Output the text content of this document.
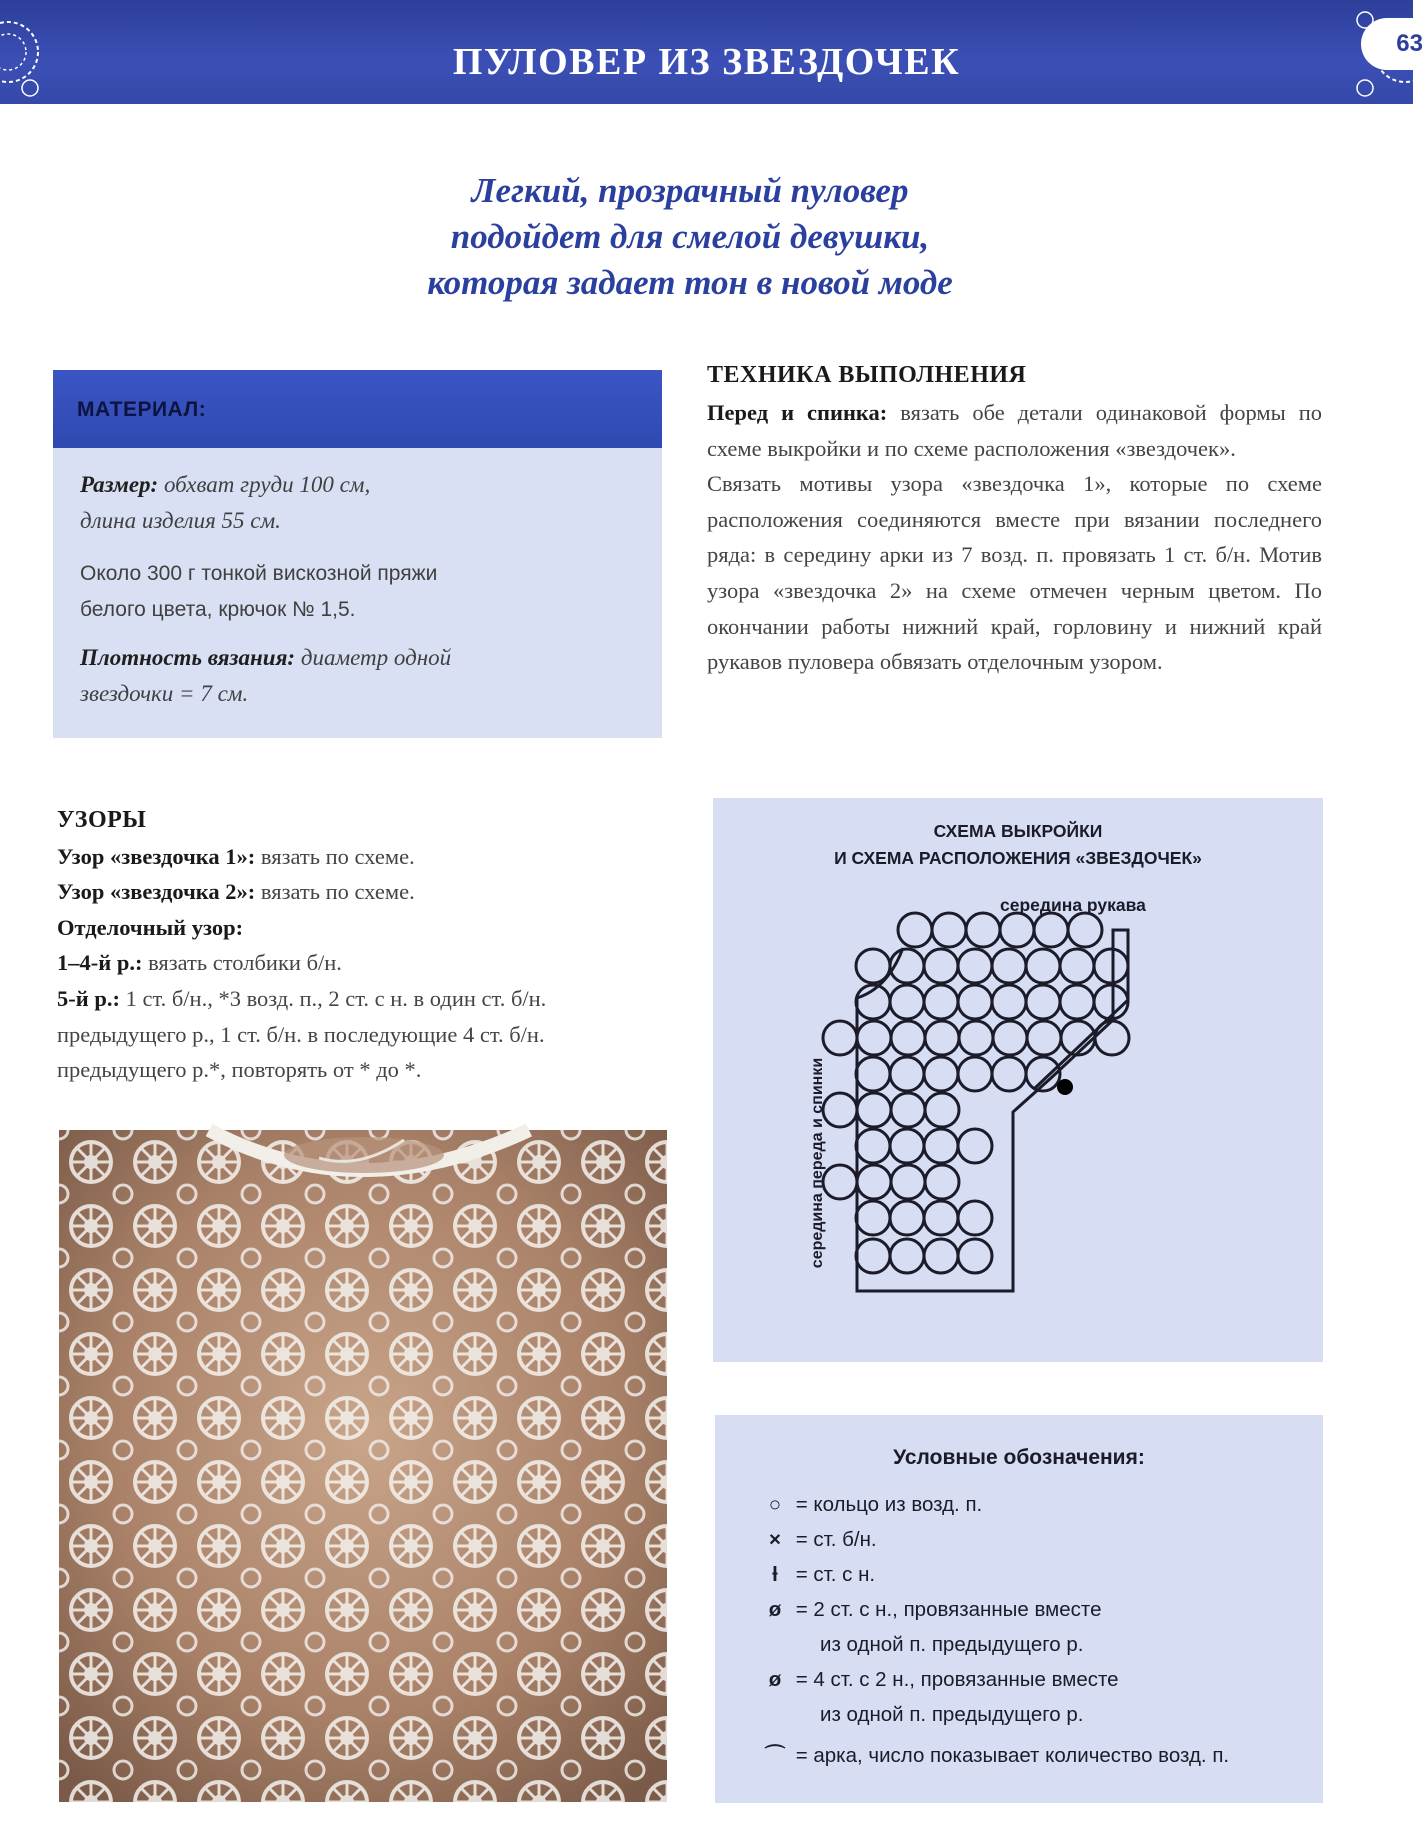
ПУЛОВЕР ИЗ ЗВЕЗДОЧЕК	63
Легкий, прозрачный пуловер
подойдет для смелой девушки,
которая задает тон в новой моде
МАТЕРИАЛ:
Размер: обхват груди 100 см,
длина изделия 55 см.
Около 300 г тонкой вискозной пряжи
белого цвета, крючок № 1,5.
Плотность вязания: диаметр одной
звездочки = 7 см.
ТЕХНИКА ВЫПОЛНЕНИЯ
Перед и спинка: вязать обе детали одинаковой формы по схеме выкройки и по схеме расположения «звездочек».
Связать мотивы узора «звездочка 1», которые по схеме расположения соединяются вместе при вязании последнего ряда: в середину арки из 7 возд. п. провязать 1 ст. б/н. Мотив узора «звездочка 2» на схеме отмечен черным цветом. По окончании работы нижний край, горловину и нижний край рукавов пуловера обвязать отделочным узором.
УЗОРЫ
Узор «звездочка 1»: вязать по схеме.
Узор «звездочка 2»: вязать по схеме.
Отделочный узор:
1–4-й р.: вязать столбики б/н.
5-й р.: 1 ст. б/н., *3 возд. п., 2 ст. с н. в один ст. б/н.
предыдущего р., 1 ст. б/н. в последующие 4 ст. б/н.
предыдущего р.*, повторять от * до *.
СХЕМА ВЫКРОЙКИ
И СХЕМА РАСПОЛОЖЕНИЯ «ЗВЕЗДОЧЕК»
середина рукава
середина переда и спинки
Условные обозначения:
○ = кольцо из возд. п.
× = ст. б/н.
ƚ = ст. с н.
ø = 2 ст. с н., провязанные вместе
из одной п. предыдущего р.
ø = 4 ст. с 2 н., провязанные вместе
из одной п. предыдущего р.
⌒ = арка, число показывает количество возд. п.
